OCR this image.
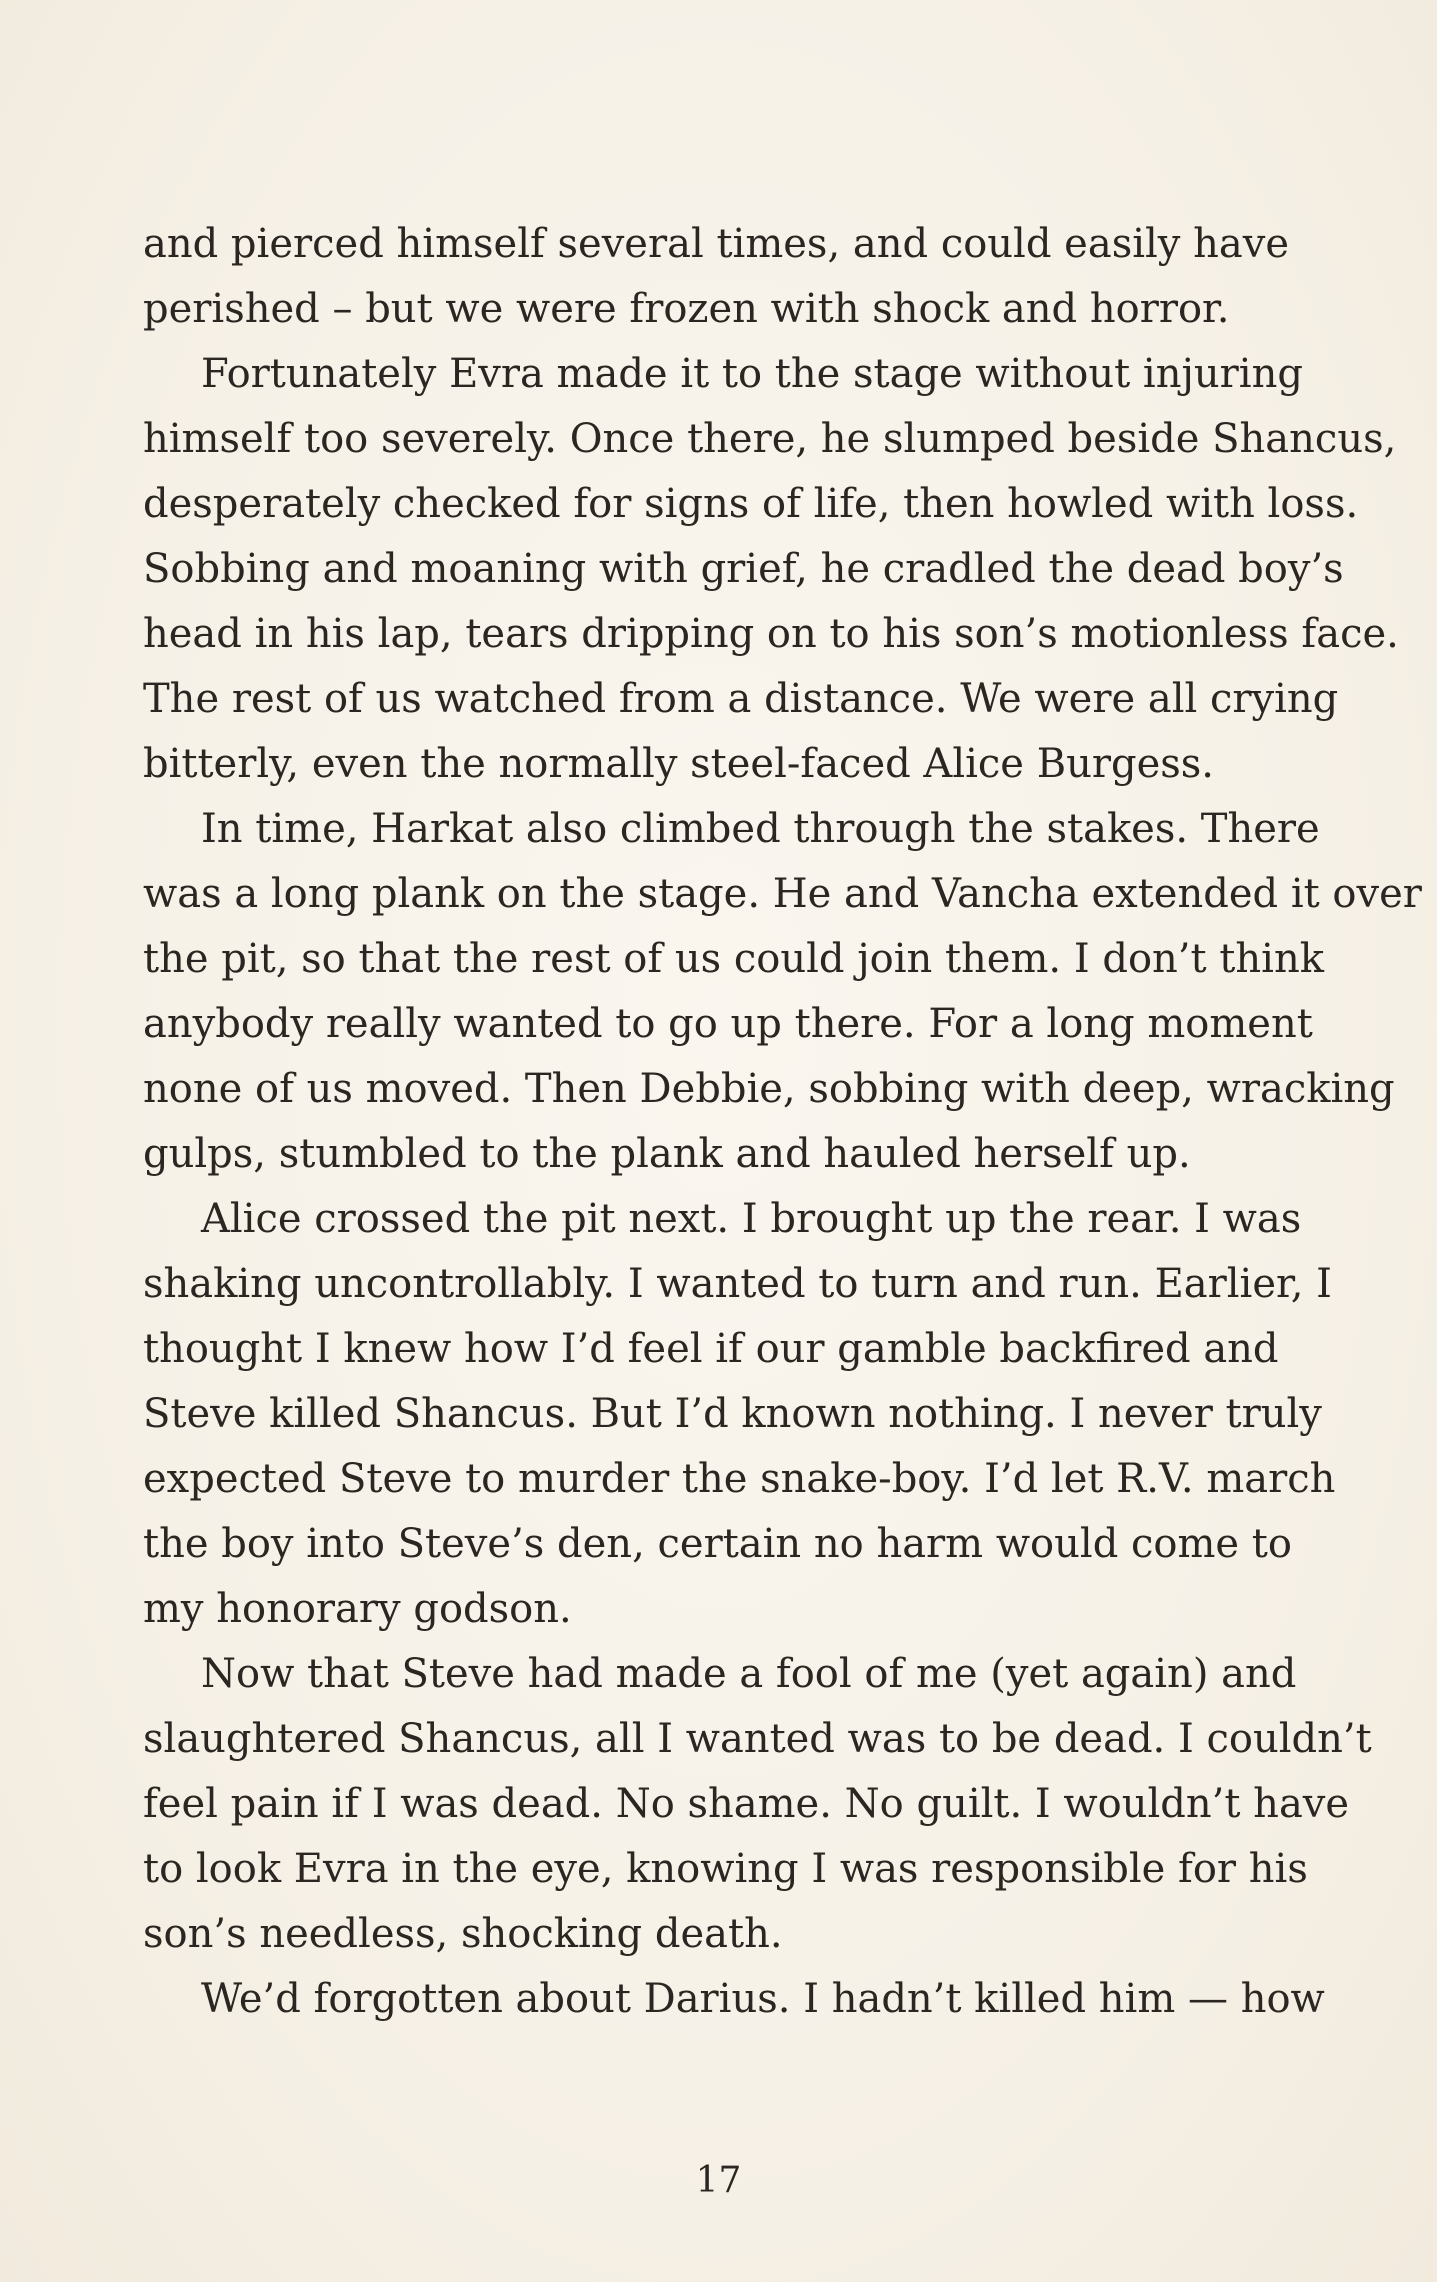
and pierced himself several times, and could easily have
perished – but we were frozen with shock and horror.
Fortunately Evra made it to the stage without injuring
himself too severely. Once there, he slumped beside Shancus,
desperately checked for signs of life, then howled with loss.
Sobbing and moaning with grief, he cradled the dead boy’s
head in his lap, tears dripping on to his son’s motionless face.
The rest of us watched from a distance. We were all crying
bitterly, even the normally steel-faced Alice Burgess.
In time, Harkat also climbed through the stakes. There
was a long plank on the stage. He and Vancha extended it over
the pit, so that the rest of us could join them. I don’t think
anybody really wanted to go up there. For a long moment
none of us moved. Then Debbie, sobbing with deep, wracking
gulps, stumbled to the plank and hauled herself up.
Alice crossed the pit next. I brought up the rear. I was
shaking uncontrollably. I wanted to turn and run. Earlier, I
thought I knew how I’d feel if our gamble backfired and
Steve killed Shancus. But I’d known nothing. I never truly
expected Steve to murder the snake-boy. I’d let R.V. march
the boy into Steve’s den, certain no harm would come to
my honorary godson.
Now that Steve had made a fool of me (yet again) and
slaughtered Shancus, all I wanted was to be dead. I couldn’t
feel pain if I was dead. No shame. No guilt. I wouldn’t have
to look Evra in the eye, knowing I was responsible for his
son’s needless, shocking death.
We’d forgotten about Darius. I hadn’t killed him — how
17
